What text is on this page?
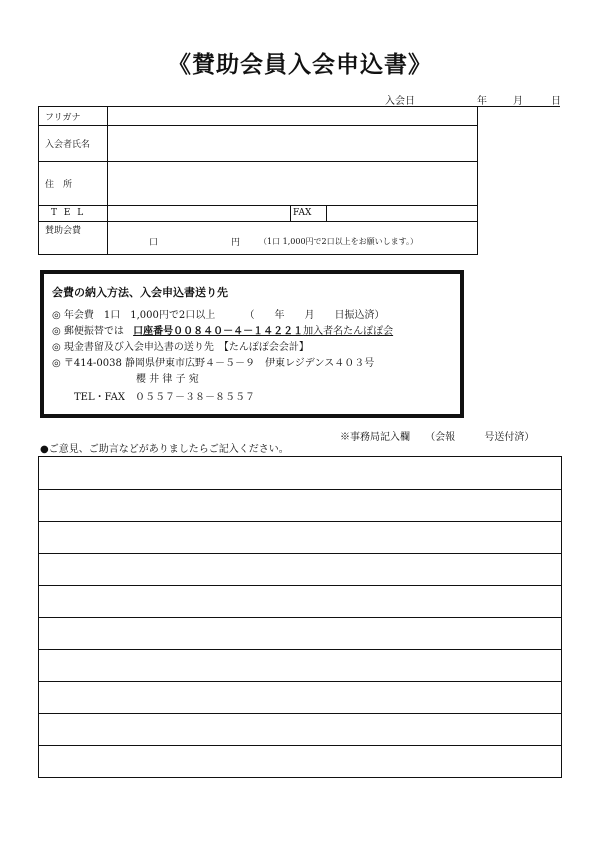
《賛助会員入会申込書》
入会日	年	月	日
フリガナ
入会者氏名
住　所
T E L	FAX
賛助会費
口	円 （1口 1,000円で2口以上をお願いします。）
会費の納入方法、入会申込書送り先
◎ 年会費　1口　1,000円で2口以上	（　　年　　月　　日振込済）
◎ 郵便振替では 口座番号００８４０－４－１４２２１加入者名たんぽぽ会
◎ 現金書留及び入会申込書の送り先　【たんぽぽ会会計】
◎ 〒414-0038 静岡県伊東市広野４－５－９　伊東レジデンス４０３号
櫻 井 律 子 宛
TEL・FAX　０５５７－３８－８５５７
※事務局記入欄 （会報	号送付済）
●ご意見、ご助言などがありましたらご記入ください。
